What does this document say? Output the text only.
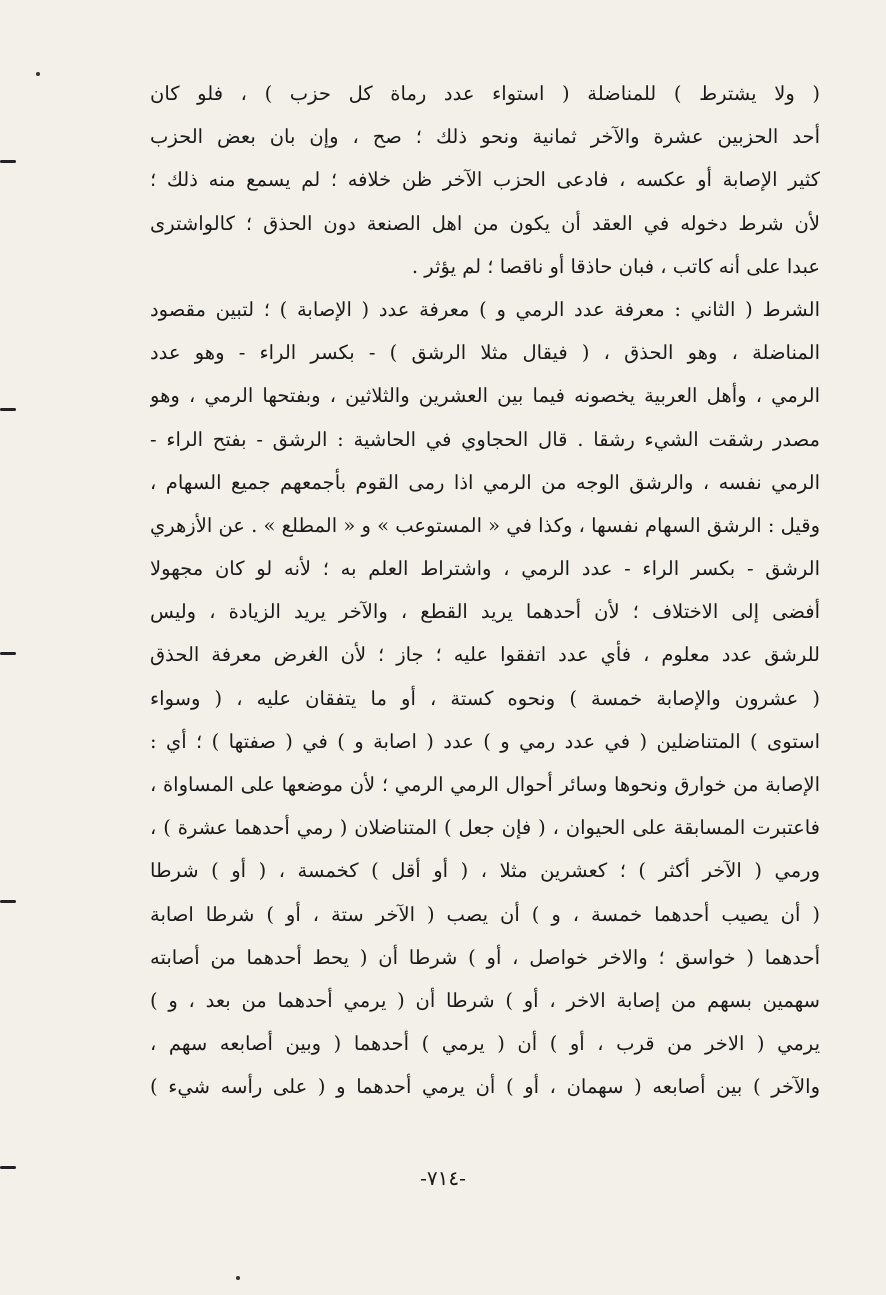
( ولا يشترط ) للمناضلة ( استواء عدد رماة كل حزب ) ، فلو كان
أحد الحزبين عشرة والآخر ثمانية ونحو ذلك ؛ صح ، وإن بان بعض الحزب
كثير الإصابة أو عكسه ، فادعى الحزب الآخر ظن خلافه ؛ لم يسمع منه ذلك ؛
لأن شرط دخوله في العقد أن يكون من اهل الصنعة دون الحذق ؛ كالواشترى
عبدا على أنه كاتب ، فبان حاذقا أو ناقصا ؛ لم يؤثر .
الشرط ( الثاني : معرفة عدد الرمي و ) معرفة عدد ( الإصابة ) ؛ لتبين مقصود
المناضلة ، وهو الحذق ، ( فيقال مثلا الرشق ) - بكسر الراء - وهو عدد
الرمي ، وأهل العربية يخصونه فيما بين العشرين والثلاثين ، وبفتحها الرمي ، وهو
مصدر رشقت الشيء رشقا . قال الحجاوي في الحاشية : الرشق - بفتح الراء -
الرمي نفسه ، والرشق الوجه من الرمي اذا رمى القوم بأجمعهم جميع السهام ،
وقيل : الرشق السهام نفسها ، وكذا في « المستوعب » و « المطلع » . عن الأزهري
الرشق - بكسر الراء - عدد الرمي ، واشتراط العلم به ؛ لأنه لو كان مجهولا
أفضى إلى الاختلاف ؛ لأن أحدهما يريد القطع ، والآخر يريد الزيادة ، وليس
للرشق عدد معلوم ، فأي عدد اتفقوا عليه ؛ جاز ؛ لأن الغرض معرفة الحذق
( عشرون والإصابة خمسة ) ونحوه كستة ، أو ما يتفقان عليه ، ( وسواء
استوى ) المتناضلين ( في عدد رمي و ) عدد ( اصابة و ) في ( صفتها ) ؛ أي :
الإصابة من خوارق ونحوها وسائر أحوال الرمي الرمي ؛ لأن موضعها على المساواة ،
فاعتبرت المسابقة على الحيوان ، ( فإن جعل ) المتناضلان ( رمي أحدهما عشرة ) ،
ورمي ( الآخر أكثر ) ؛ كعشرين مثلا ، ( أو أقل ) كخمسة ، ( أو ) شرطا
( أن يصيب أحدهما خمسة ، و ) أن يصب ( الآخر ستة ، أو ) شرطا اصابة
أحدهما ( خواسق ؛ والاخر خواصل ، أو ) شرطا أن ( يحط أحدهما من أصابته
سهمين بسهم من إصابة الاخر ، أو ) شرطا أن ( يرمي أحدهما من بعد ، و )
يرمي ( الاخر من قرب ، أو ) أن ( يرمي ) أحدهما ( وبين أصابعه سهم ،
والآخر ) بين أصابعه ( سهمان ، أو ) أن يرمي أحدهما و ( على رأسه شيء )
-٧١٤-
